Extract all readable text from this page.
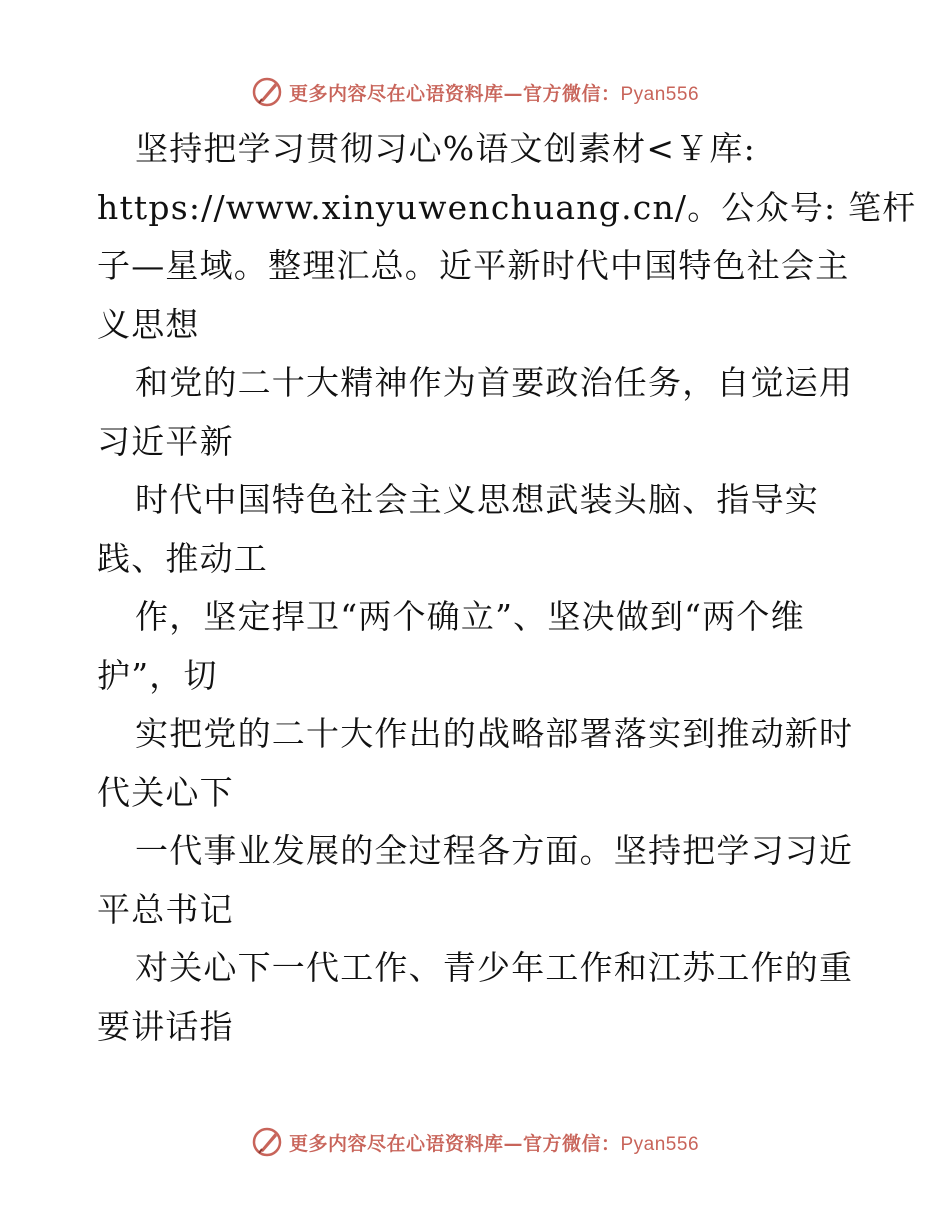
更多内容尽在心语资料库—官方微信：Pyan556
坚持把学习贯彻习心%语文创素材<￥库:
https://www.xinyuwenchuang.cn/。公众号: 笔杆
子—星域。整理汇总。近平新时代中国特色社会主
义思想
和党的二十大精神作为首要政治任务，自觉运用
习近平新
时代中国特色社会主义思想武装头脑、指导实
践、推动工
作，坚定捍卫“两个确立”、坚决做到“两个维
护”，切
实把党的二十大作出的战略部署落实到推动新时
代关心下
一代事业发展的全过程各方面。坚持把学习习近
平总书记
对关心下一代工作、青少年工作和江苏工作的重
要讲话指
更多内容尽在心语资料库—官方微信：Pyan556
